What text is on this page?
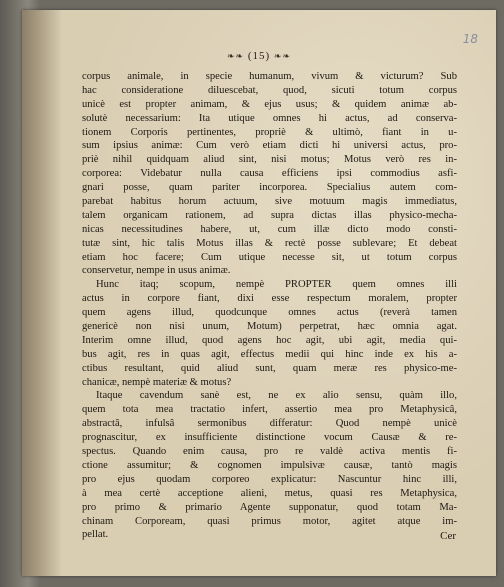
18
❧❧ (15) ❧❧
corpus animale, in specie humanum, vivum & victurum? Sub
hac consideratione diluescebat, quod, sicuti totum corpus
unicè est propter animam, & ejus usus; & quidem animæ ab-
solutè necessarium: Ita utique omnes hi actus, ad conserva-
tionem Corporis pertinentes, propriè & ultimò, fiant in u-
sum ipsius animæ: Cum verò etiam dicti hi universi actus, pro-
priè nihil quidquam aliud sint, nisi motus; Motus verò res in-
corporea: Videbatur nulla causa efficiens ipsi commodius asfi-
gnari posse, quam pariter incorporea. Specialius autem com-
parebat habitus horum actuum, sive motuum magis immediatus,
talem organicam rationem, ad supra dictas illas physico-mecha-
nicas necessitudines habere, ut, cum illæ dicto modo consti-
tutæ sint, hic talis Motus illas & rectè posse sublevare; Et debeat
etiam hoc facere; Cum utique necesse sit, ut totum corpus
conservetur, nempe in usus animæ.
Hunc itaq; scopum, nempè PROPTER quem omnes illi
actus in corpore fiant, dixi esse respectum moralem, propter
quem agens illud, quodcunque omnes actus (reverà tamen
genericè non nisi unum, Motum) perpetrat, hæc omnia agat.
Interim omne illud, quod agens hoc agit, ubi agit, media qui-
bus agit, res in quas agit, effectus medii qui hinc inde ex his a-
ctibus resultant, quid aliud sunt, quam meræ res physico-me-
chanicæ, nempè materiæ & motus?
Itaque cavendum sanè est, ne ex alio sensu, quàm illo,
quem tota mea tractatio infert, assertio mea pro Metaphysicâ,
abstractâ, infulsâ sermonibus differatur: Quod nempè unicè
prognascitur, ex insufficiente distinctione vocum Causæ & re-
spectus. Quando enim causa, pro re valdè activa mentis fi-
ctione assumitur; & cognomen impulsivæ causæ, tantò magis
pro ejus quodam corporeo explicatur: Nascuntur hinc illi,
à mea certè acceptione alieni, metus, quasi res Metaphysica,
pro primo & primario Agente supponatur, quod totam Ma-
chinam Corpoream, quasi primus motor, agitet atque im-
pellat.	Cer
